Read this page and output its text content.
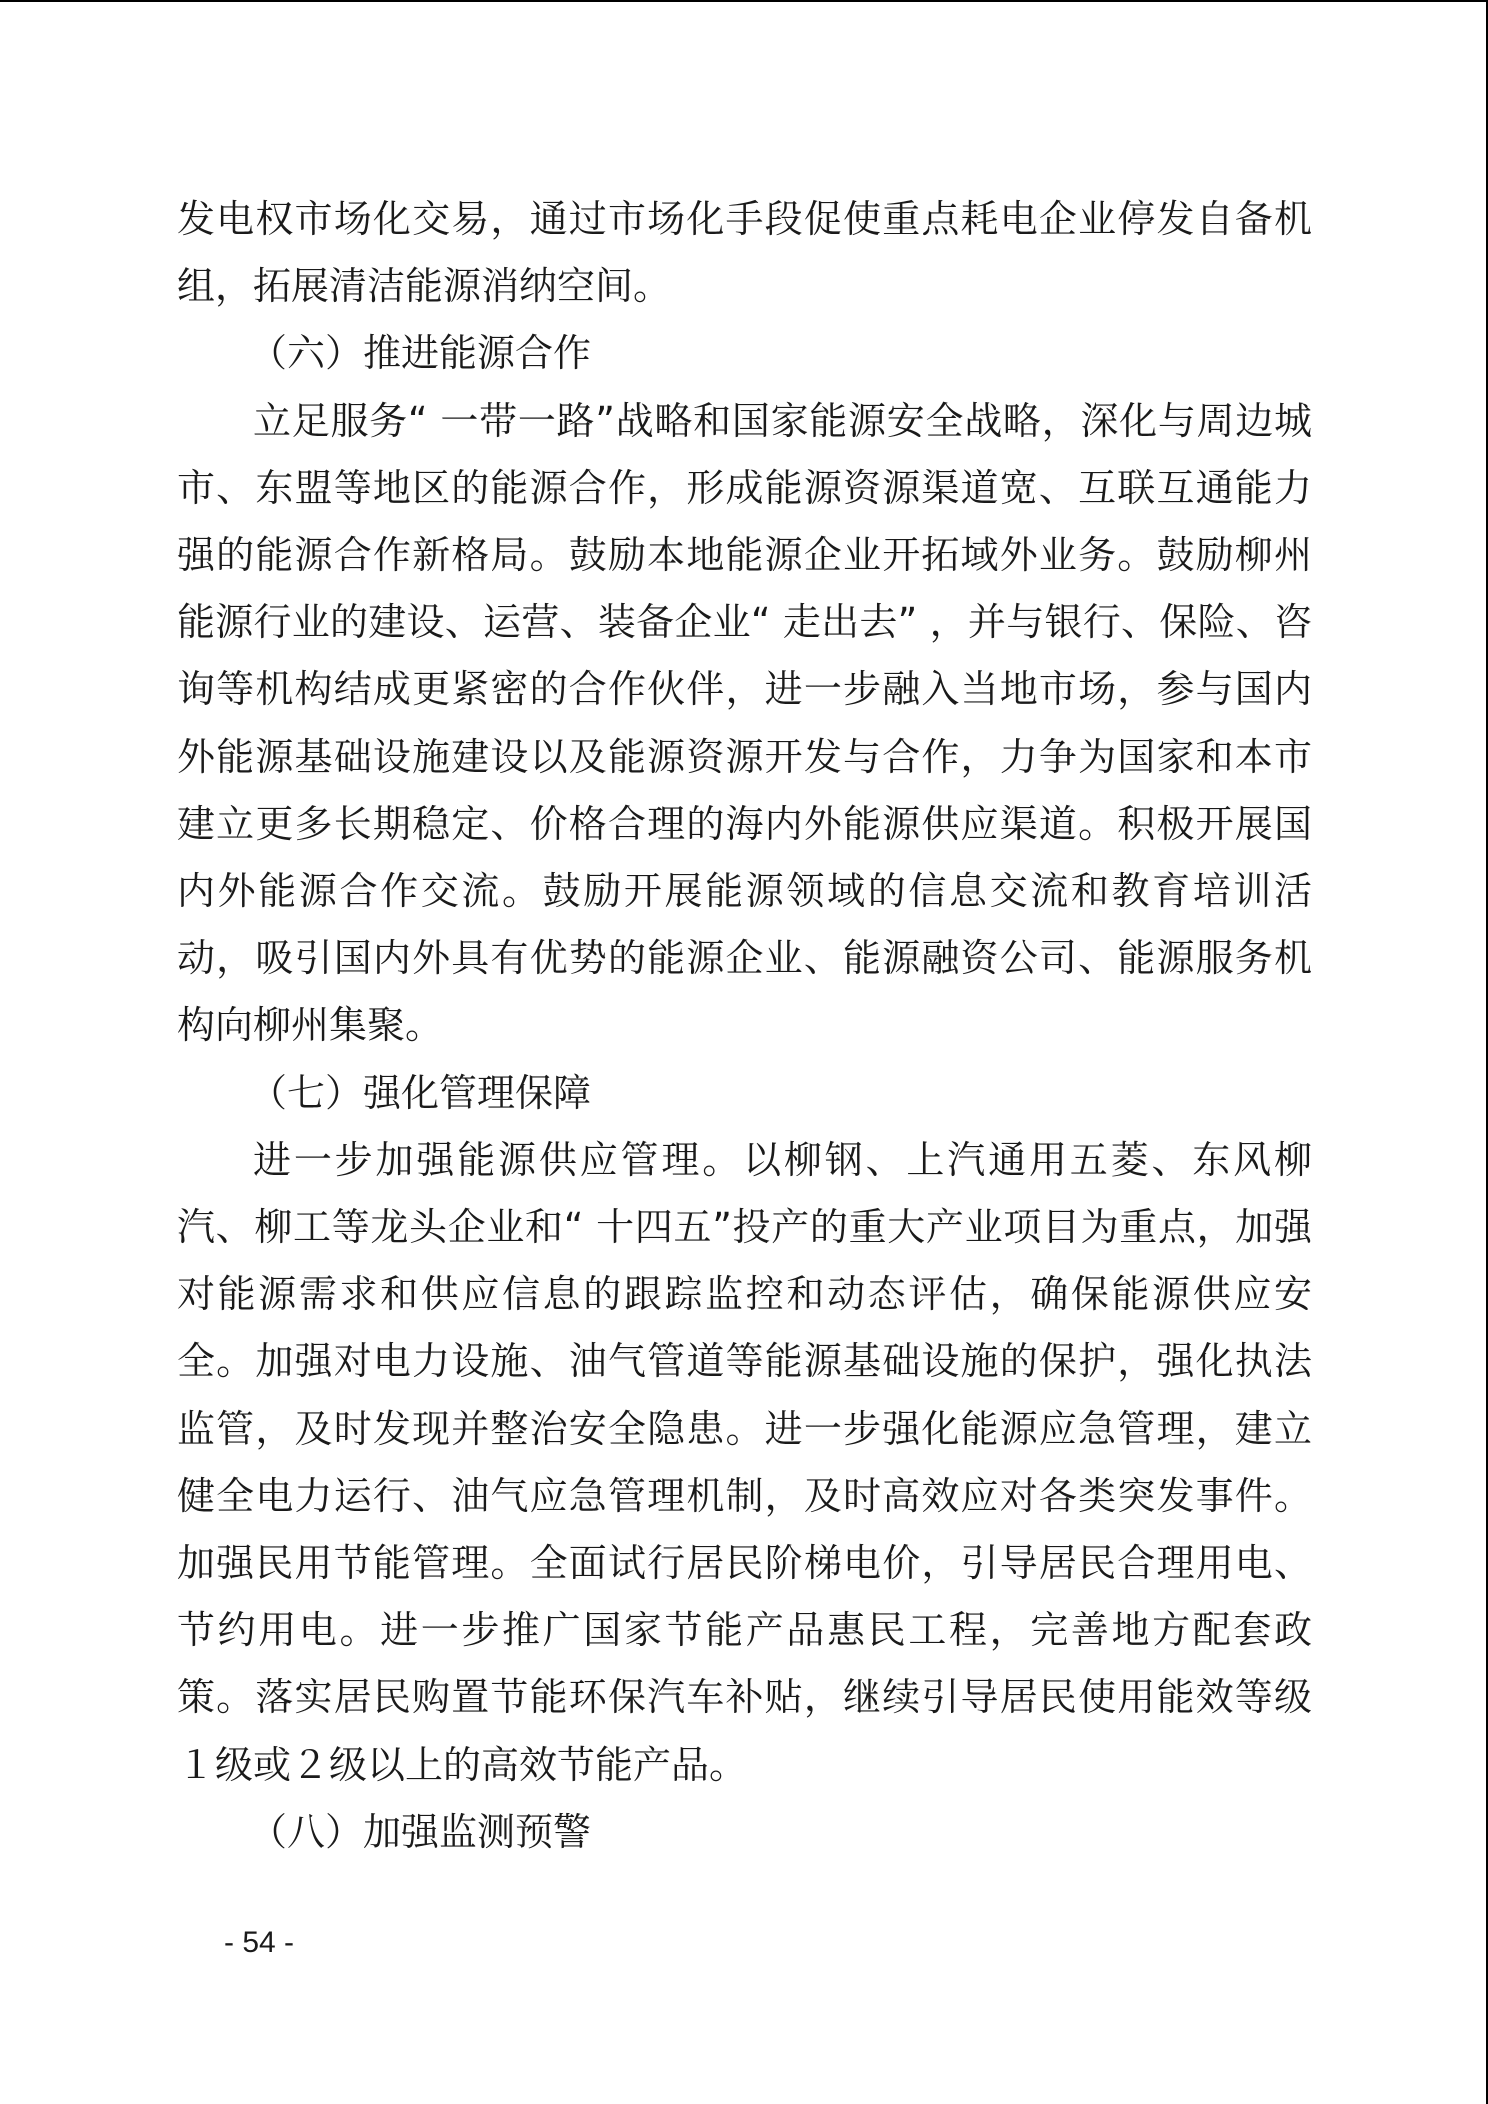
发电权市场化交易，通过市场化手段促使重点耗电企业停发自备机组，拓展清洁能源消纳空间。

（六）推进能源合作

立足服务“ 一带一路”战略和国家能源安全战略，深化与周边城市、东盟等地区的能源合作，形成能源资源渠道宽、互联互通能力强的能源合作新格局。鼓励本地能源企业开拓域外业务。鼓励柳州能源行业的建设、运营、装备企业“ 走出去” ，并与银行、保险、咨询等机构结成更紧密的合作伙伴，进一步融入当地市场，参与国内外能源基础设施建设以及能源资源开发与合作，力争为国家和本市建立更多长期稳定、价格合理的海内外能源供应渠道。积极开展国内外能源合作交流。鼓励开展能源领域的信息交流和教育培训活动，吸引国内外具有优势的能源企业、能源融资公司、能源服务机构向柳州集聚。

（七）强化管理保障

进一步加强能源供应管理。以柳钢、上汽通用五菱、东风柳汽、柳工等龙头企业和“ 十四五”投产的重大产业项目为重点，加强对能源需求和供应信息的跟踪监控和动态评估，确保能源供应安全。加强对电力设施、油气管道等能源基础设施的保护，强化执法监管，及时发现并整治安全隐患。进一步强化能源应急管理，建立健全电力运行、油气应急管理机制，及时高效应对各类突发事件。加强民用节能管理。全面试行居民阶梯电价，引导居民合理用电、节约用电。进一步推广国家节能产品惠民工程，完善地方配套政策。落实居民购置节能环保汽车补贴，继续引导居民使用能效等级１级或２级以上的高效节能产品。

（八）加强监测预警

- 54 -
